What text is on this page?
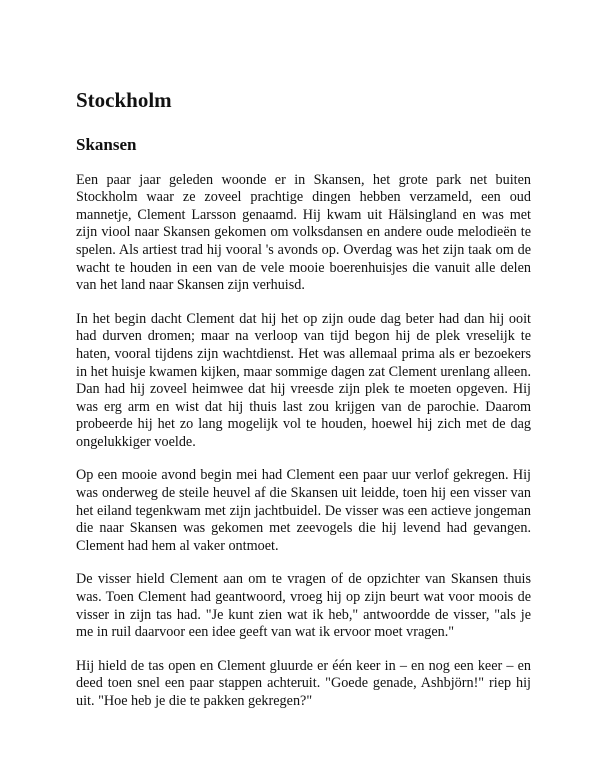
Stockholm
Skansen

Een paar jaar geleden woonde er in Skansen, het grote park net buiten Stockholm waar ze zoveel prachtige dingen hebben verzameld, een oud mannetje, Clement Larsson genaamd. Hij kwam uit Hälsingland en was met zijn viool naar Skansen gekomen om volksdansen en andere oude melodieën te spelen. Als artiest trad hij vooral 's avonds op. Overdag was het zijn taak om de wacht te houden in een van de vele mooie boerenhuisjes die vanuit alle delen van het land naar Skansen zijn verhuisd.

In het begin dacht Clement dat hij het op zijn oude dag beter had dan hij ooit had durven dromen; maar na verloop van tijd begon hij de plek vreselijk te haten, vooral tijdens zijn wachtdienst. Het was allemaal prima als er bezoekers in het huisje kwamen kijken, maar sommige dagen zat Clement urenlang alleen. Dan had hij zoveel heimwee dat hij vreesde zijn plek te moeten opgeven. Hij was erg arm en wist dat hij thuis last zou krijgen van de parochie. Daarom probeerde hij het zo lang mogelijk vol te houden, hoewel hij zich met de dag ongelukkiger voelde.

Op een mooie avond begin mei had Clement een paar uur verlof gekregen. Hij was onderweg de steile heuvel af die Skansen uit leidde, toen hij een visser van het eiland tegenkwam met zijn jachtbuidel. De visser was een actieve jongeman die naar Skansen was gekomen met zeevogels die hij levend had gevangen. Clement had hem al vaker ontmoet.

De visser hield Clement aan om te vragen of de opzichter van Skansen thuis was. Toen Clement had geantwoord, vroeg hij op zijn beurt wat voor moois de visser in zijn tas had. "Je kunt zien wat ik heb," antwoordde de visser, "als je me in ruil daarvoor een idee geeft van wat ik ervoor moet vragen."

Hij hield de tas open en Clement gluurde er één keer in – en nog een keer – en deed toen snel een paar stappen achteruit. "Goede genade, Ashbjörn!" riep hij uit. "Hoe heb je die te pakken gekregen?"
